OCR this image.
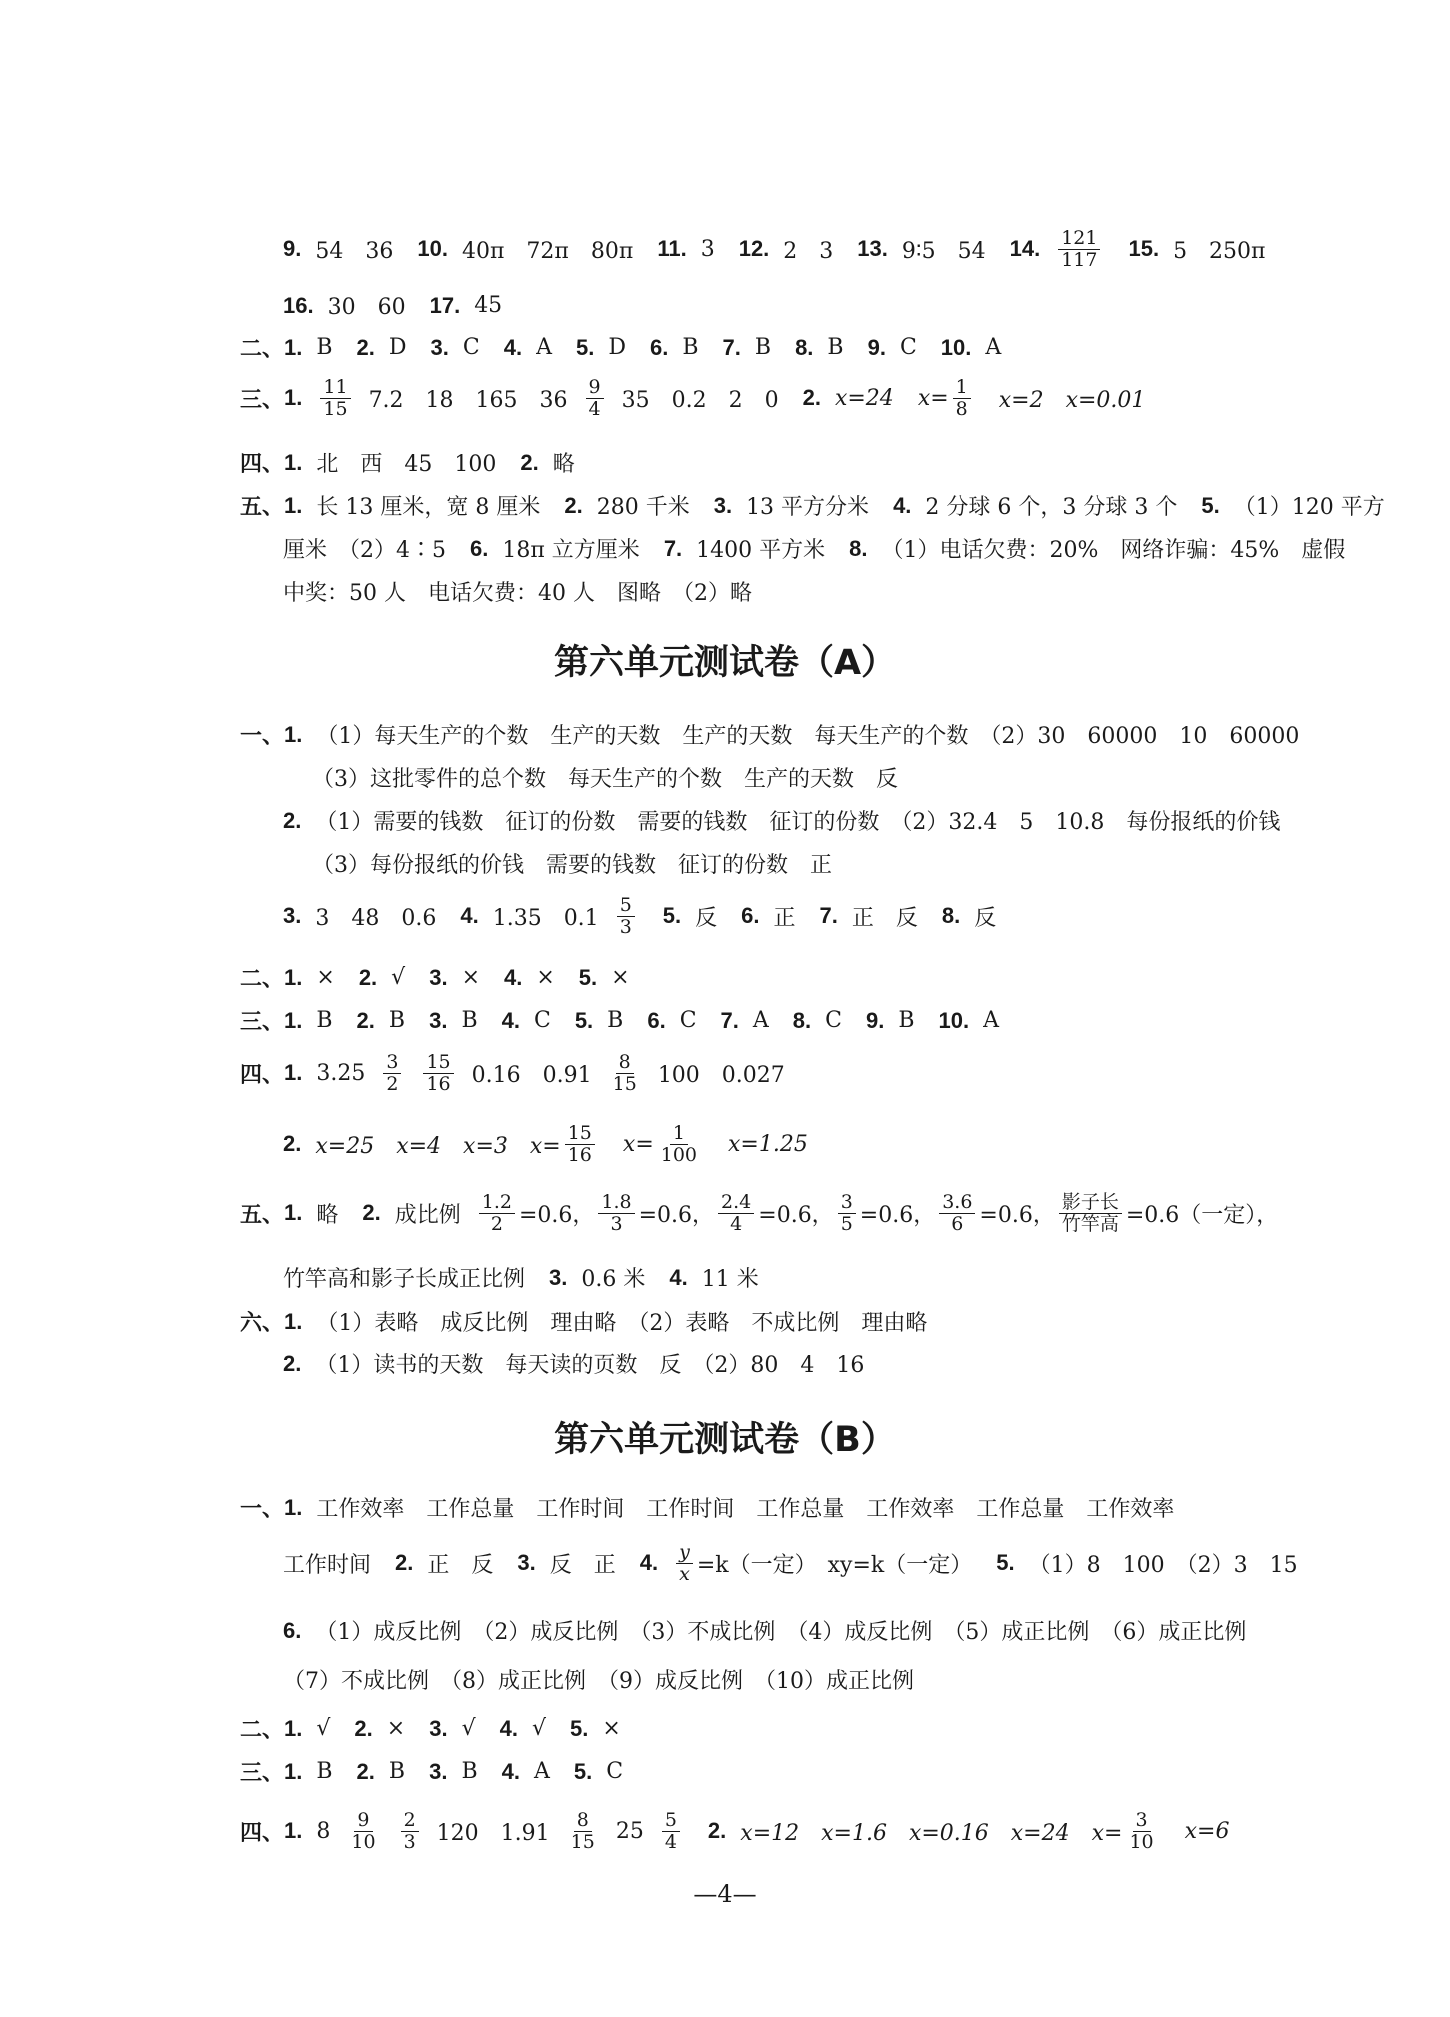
9. 54　36 10. 40π　72π　80π 11. 3 12. 2　3 13. 9∶5　54 14. $\frac{121}{117} 15$. 5　250π
16. 30　60 17. 45
二、 1. B 2. D 3. C 4. A 5. D 6. B 7. B 8. B 9. C 10. A
三、 1. $\frac{11}{15} 7.2$　18　165　$36 \frac{9}{4} 35$　0.2　2　0 2. x=24 $x= \frac{1}{8} x=2$　x=0.01
四、 1. 北　西　45　100 2. 略
五、 1. 长 13 厘米，宽 8 厘米 2. 280 千米 3. 13 平方分米 4. 2 分球 6 个，3 分球 3 个 5. （1）120 平方
厘米　（2）4∶5 6. 18π 立方厘米 7. 1400 平方米 8. （1）电话欠费：20%　网络诈骗：45%　虚假
中奖：50 人　电话欠费：40 人　图略　（2）略
第六单元测试卷（A）
一、 1. （1）每天生产的个数　生产的天数　生产的天数　每天生产的个数　（2）30　60000　10　60000
（3）这批零件的总个数　每天生产的个数　生产的天数　反
2. （1）需要的钱数　征订的份数　需要的钱数　征订的份数　（2）32.4　5　10.8　每份报纸的价钱
（3）每份报纸的价钱　需要的钱数　征订的份数　正
3. 3　48　0.6 4. 1.35　$0.1 \frac{5}{3} 5$. 反 6. 正 7. 正　反 8. 反
二、 1. × 2. √ 3. × 4. × 5. ×
三、 1. B 2. B 3. B 4. C 5. B 6. C 7. A 8. C 9. B 10. A
四、 1. $3.25 \frac{3}{2} \frac{15}{16} 0.16$　$0.91 \frac{8}{15} 100$　0.027
2. x=25　x=4　x=3　$x= \frac{15}{16} x= \frac{1}{100} x=1.25$
五、 1. 略 2. 成比例 $\frac{1.2}{2} =0.6$， $\frac{1.8}{3} =0.6$， $\frac{2.4}{4} =0.6$， $\frac{3}{5} =0.6$， $\frac{3.6}{6} =0.6$， $\frac{\text{影子长}}{\text{竹竿高}} =0.6$（一定），
竹竿高和影子长成正比例 3. 0.6 米 4. 11 米
六、 1. （1）表略　成反比例　理由略　（2）表略　不成比例　理由略
2. （1）读书的天数　每天读的页数　反　（2）80　4　16
第六单元测试卷（B）
一、 1. 工作效率　工作总量　工作时间　工作时间　工作总量　工作效率　工作总量　工作效率
工作时间 2. 正　反 3. 反　正 4. $\frac{y}{x} =k$（一定）　xy=k（一定） 5. （1）8　100　（2）3　15
6. （1）成反比例　（2）成反比例　（3）不成比例　（4）成反比例　（5）成正比例　（6）成正比例
（7）不成比例　（8）成正比例　（9）成反比例　（10）成正比例
二、 1. √ 2. × 3. √ 4. √ 5. ×
三、 1. B 2. B 3. B 4. A 5. C
四、 1. $8 \frac{9}{10} \frac{2}{3} 120$　$1.91 \frac{8}{15} 25 \frac{5}{4} 2$. x=12　x=1.6　x=0.16　x=24　$x= \frac{3}{10} x=6$
—4—
